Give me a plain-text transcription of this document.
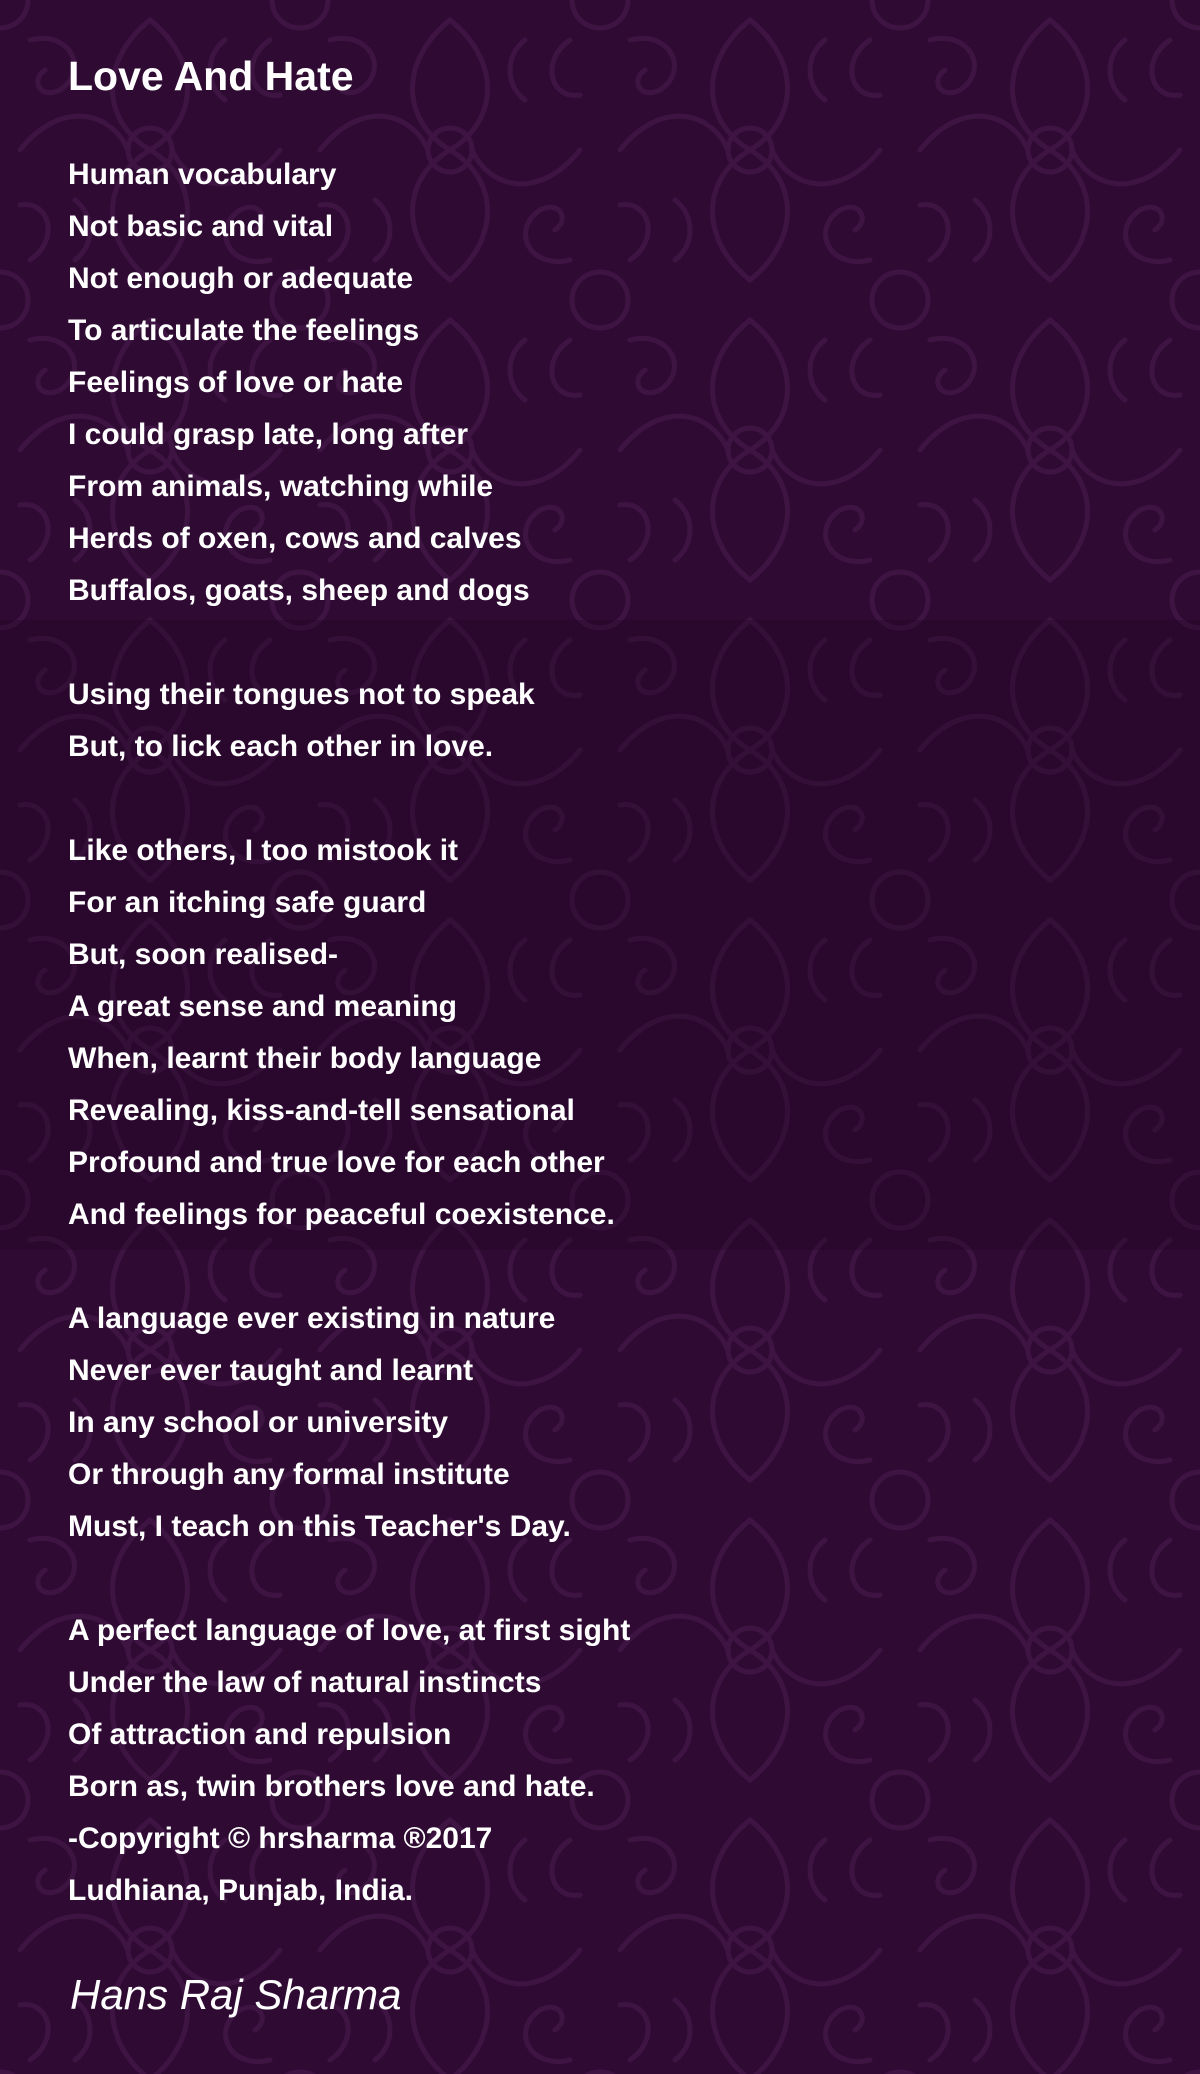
Love And Hate
Human vocabulary
Not basic and vital
Not enough or adequate
To articulate the feelings
Feelings of love or hate
I could grasp late, long after
From animals, watching while
Herds of oxen, cows and calves
Buffalos, goats, sheep and dogs
Using their tongues not to speak
But, to lick each other in love.
Like others, I too mistook it
For an itching safe guard
But, soon realised-
A great sense and meaning
When, learnt their body language
Revealing, kiss-and-tell sensational
Profound and true love for each other
And feelings for peaceful coexistence.
A language ever existing in nature
Never ever taught and learnt
In any school or university
Or through any formal institute
Must, I teach on this Teacher's Day.
A perfect language of love, at first sight
Under the law of natural instincts
Of attraction and repulsion
Born as, twin brothers love and hate.
-Copyright © hrsharma ®2017
Ludhiana, Punjab, India.
Hans Raj Sharma
